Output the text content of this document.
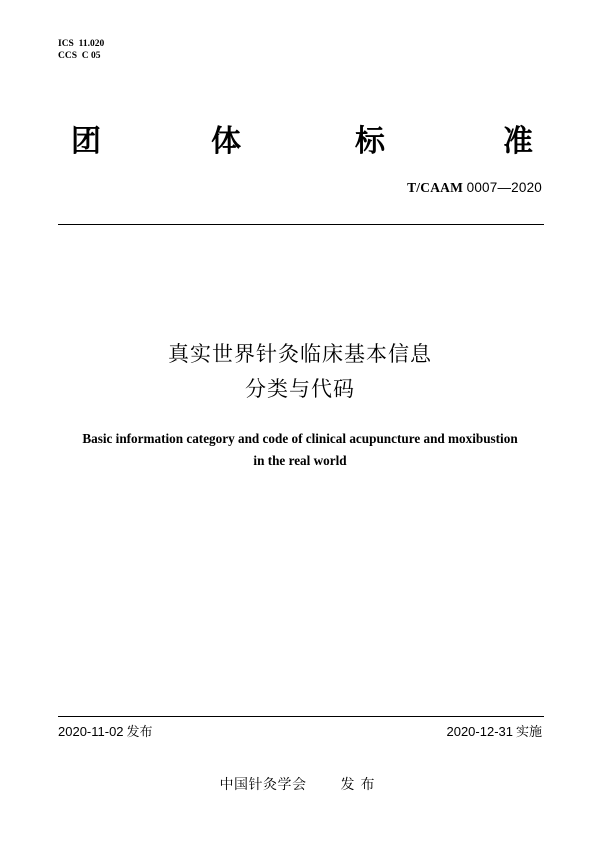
ICS  11.020
CCS  C 05
团	体	标	准
T/CAAM 0007—2020
真实世界针灸临床基本信息
分类与代码
Basic information category and code of clinical acupuncture and moxibustion
in the real world
2020-11-02 发布	2020-12-31 实施
中国针灸学会 发布
